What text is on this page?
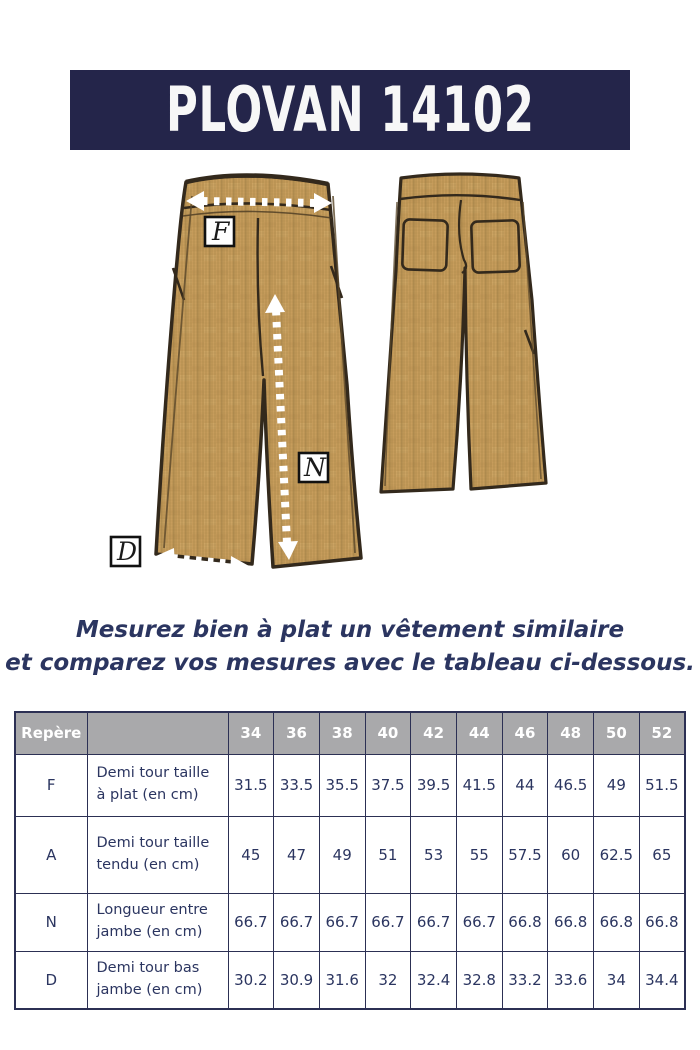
PLOVAN 14102
F
N
D
Mesurez bien à plat un vêtement similaire
et comparez vos mesures avec le tableau ci-dessous.
Repère		34	36	38	40	42	44	46	48	50	52
F	Demi tour taille à plat (en cm)	31.5	33.5	35.5	37.5	39.5	41.5	44	46.5	49	51.5
A	Demi tour taille tendu (en cm)	45	47	49	51	53	55	57.5	60	62.5	65
N	Longueur entre jambe (en cm)	66.7	66.7	66.7	66.7	66.7	66.7	66.8	66.8	66.8	66.8
D	Demi tour bas jambe (en cm)	30.2	30.9	31.6	32	32.4	32.8	33.2	33.6	34	34.4
